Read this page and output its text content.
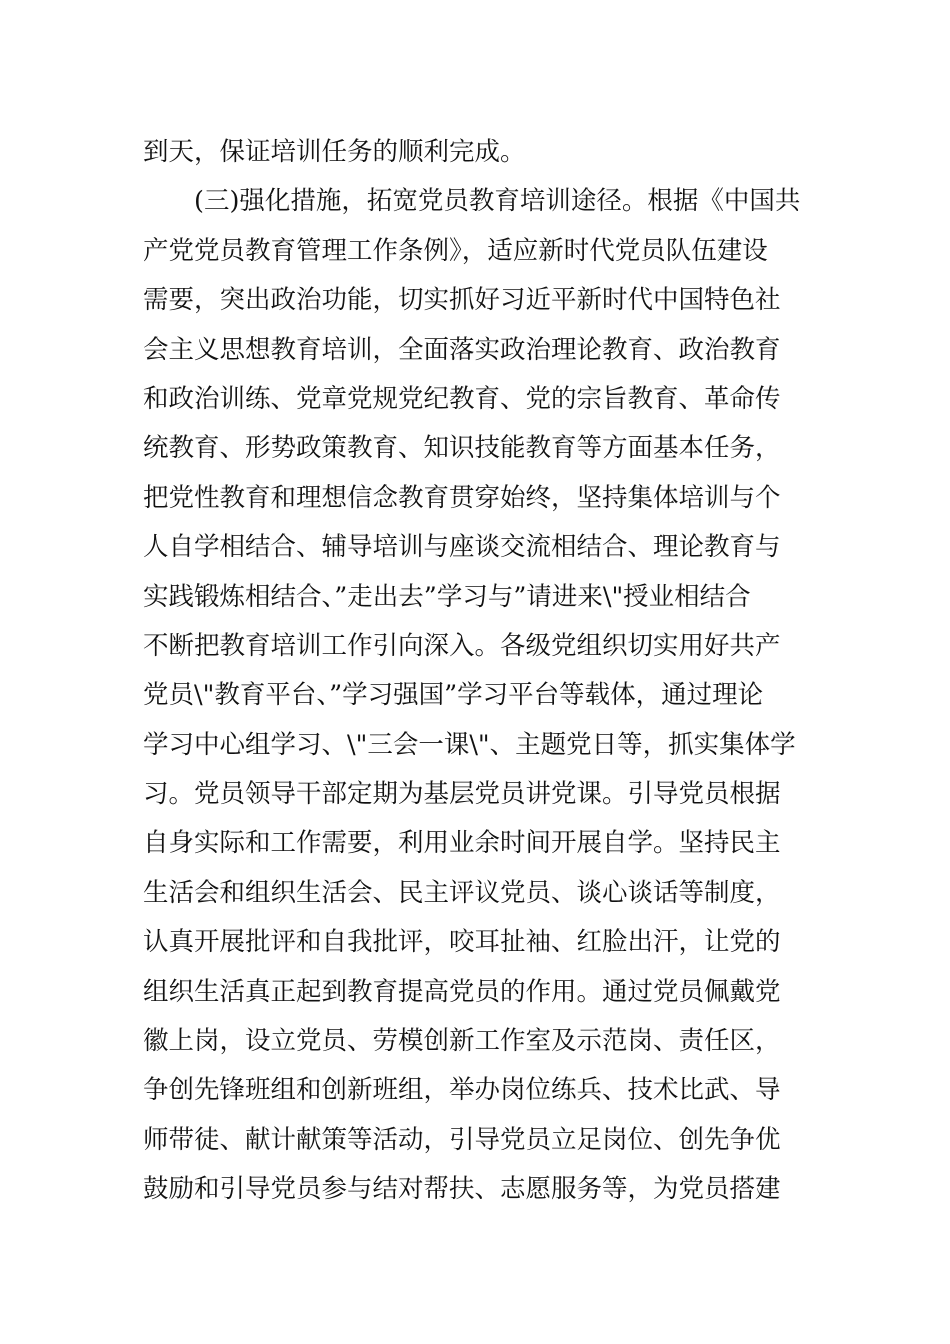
到天，保证培训任务的顺利完成。
　　(三)强化措施，拓宽党员教育培训途径。根据《中国共
产党党员教育管理工作条例》，适应新时代党员队伍建设
需要，突出政治功能，切实抓好习近平新时代中国特色社
会主义思想教育培训，全面落实政治理论教育、政治教育
和政治训练、党章党规党纪教育、党的宗旨教育、革命传
统教育、形势政策教育、知识技能教育等方面基本任务，
把党性教育和理想信念教育贯穿始终，坚持集体培训与个
人自学相结合、辅导培训与座谈交流相结合、理论教育与
实践锻炼相结合、”走出去”学习与”请进来\"授业相结合
不断把教育培训工作引向深入。各级党组织切实用好共产
党员\"教育平台、”学习强国”学习平台等载体，通过理论
学习中心组学习、\"三会一课\"、主题党日等，抓实集体学
习。党员领导干部定期为基层党员讲党课。引导党员根据
自身实际和工作需要，利用业余时间开展自学。坚持民主
生活会和组织生活会、民主评议党员、谈心谈话等制度，
认真开展批评和自我批评，咬耳扯袖、红脸出汗，让党的
组织生活真正起到教育提高党员的作用。通过党员佩戴党
徽上岗，设立党员、劳模创新工作室及示范岗、责任区，
争创先锋班组和创新班组，举办岗位练兵、技术比武、导
师带徒、献计献策等活动，引导党员立足岗位、创先争优
鼓励和引导党员参与结对帮扶、志愿服务等，为党员搭建
